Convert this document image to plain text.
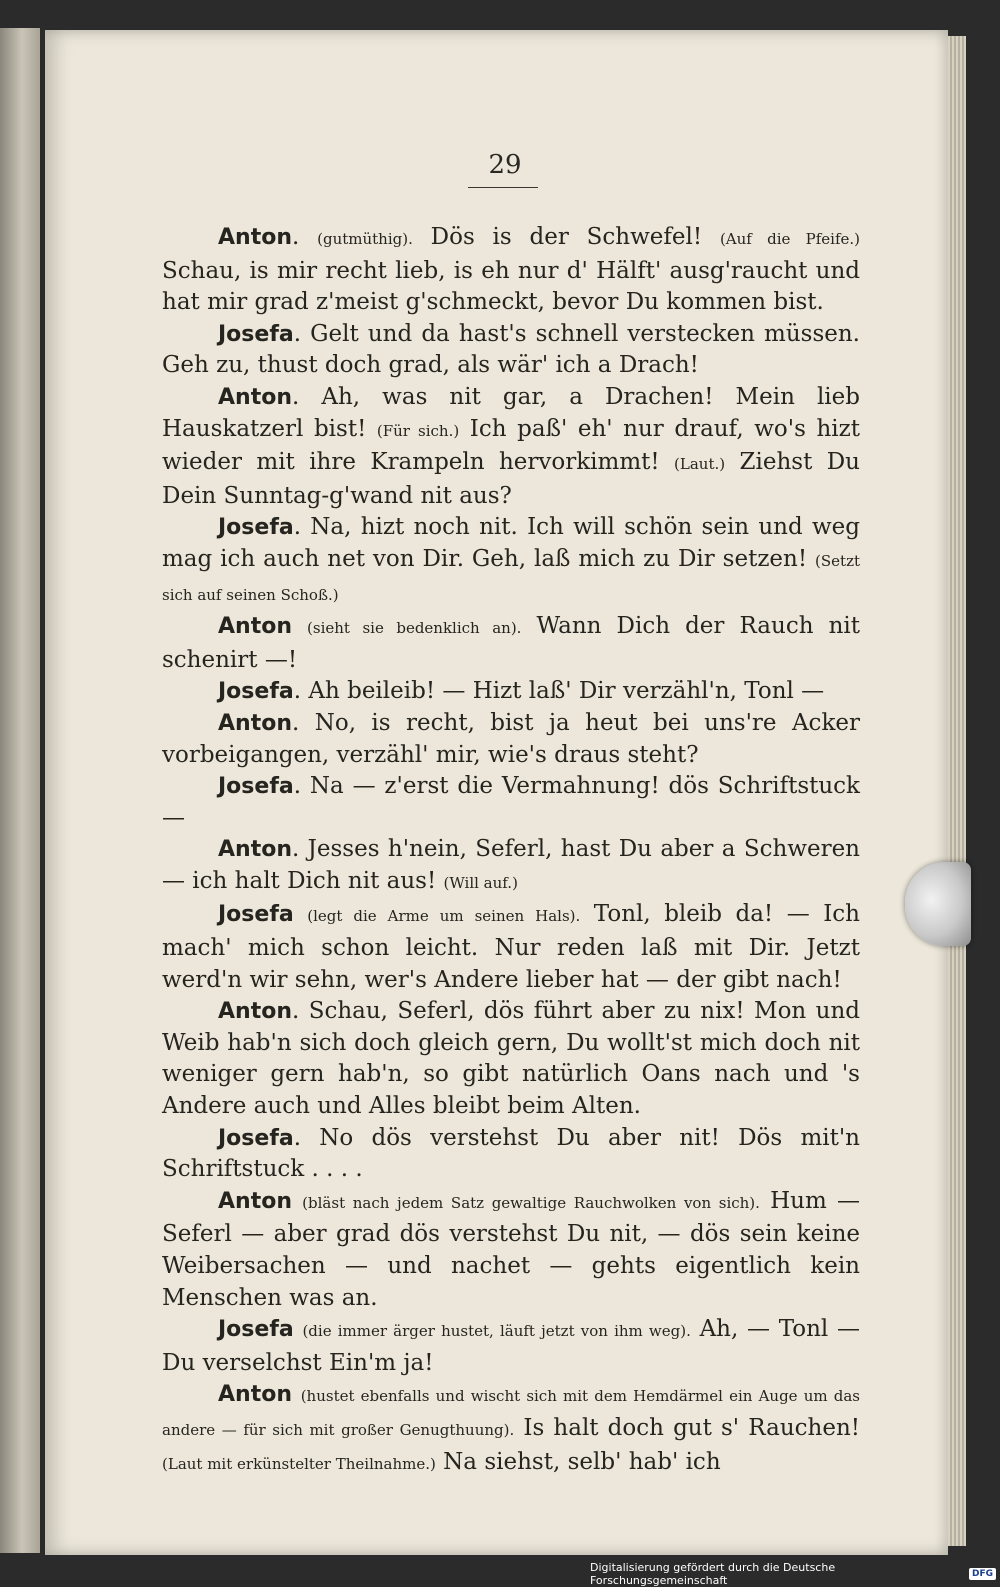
29

Anton. (gutmüthig). Dös is der Schwefel! (Auf die Pfeife.) Schau, is mir recht lieb, is eh nur d' Hälft' ausg'raucht und hat mir grad z'meist g'schmeckt, bevor Du kommen bist.

Josefa. Gelt und da hast's schnell verstecken müssen. Geh zu, thust doch grad, als wär' ich a Drach!

Anton. Ah, was nit gar, a Drachen! Mein lieb Hauskatzerl bist! (Für sich.) Ich paß' eh' nur drauf, wo's hizt wieder mit ihre Krampeln hervorkimmt! (Laut.) Ziehst Du Dein Sunntag-g'wand nit aus?

Josefa. Na, hizt noch nit. Ich will schön sein und weg mag ich auch net von Dir. Geh, laß mich zu Dir setzen! (Setzt sich auf seinen Schoß.)

Anton (sieht sie bedenklich an). Wann Dich der Rauch nit schenirt —!

Josefa. Ah beileib! — Hizt laß' Dir verzähl'n, Tonl —

Anton. No, is recht, bist ja heut bei uns're Acker vorbeigangen, verzähl' mir, wie's draus steht?

Josefa. Na — z'erst die Vermahnung! dös Schriftstuck —

Anton. Jesses h'nein, Seferl, hast Du aber a Schweren — ich halt Dich nit aus! (Will auf.)

Josefa (legt die Arme um seinen Hals). Tonl, bleib da! — Ich mach' mich schon leicht. Nur reden laß mit Dir. Jetzt werd'n wir sehn, wer's Andere lieber hat — der gibt nach!

Anton. Schau, Seferl, dös führt aber zu nix! Mon und Weib hab'n sich doch gleich gern, Du wollt'st mich doch nit weniger gern hab'n, so gibt natürlich Oans nach und 's Andere auch und Alles bleibt beim Alten.

Josefa. No dös verstehst Du aber nit! Dös mit'n Schriftstuck . . . .

Anton (bläst nach jedem Satz gewaltige Rauchwolken von sich). Hum — Seferl — aber grad dös verstehst Du nit, — dös sein keine Weibersachen — und nachet — gehts eigentlich kein Menschen was an.

Josefa (die immer ärger hustet, läuft jetzt von ihm weg). Ah, — Tonl — Du verselchst Ein'm ja!

Anton (hustet ebenfalls und wischt sich mit dem Hemdärmel ein Auge um das andere — für sich mit großer Genugthuung). Is halt doch gut s' Rauchen! (Laut mit erkünstelter Theilnahme.) Na siehst, selb' hab' ich

Digitalisierung gefördert durch die Deutsche Forschungsgemeinschaft	DFG
